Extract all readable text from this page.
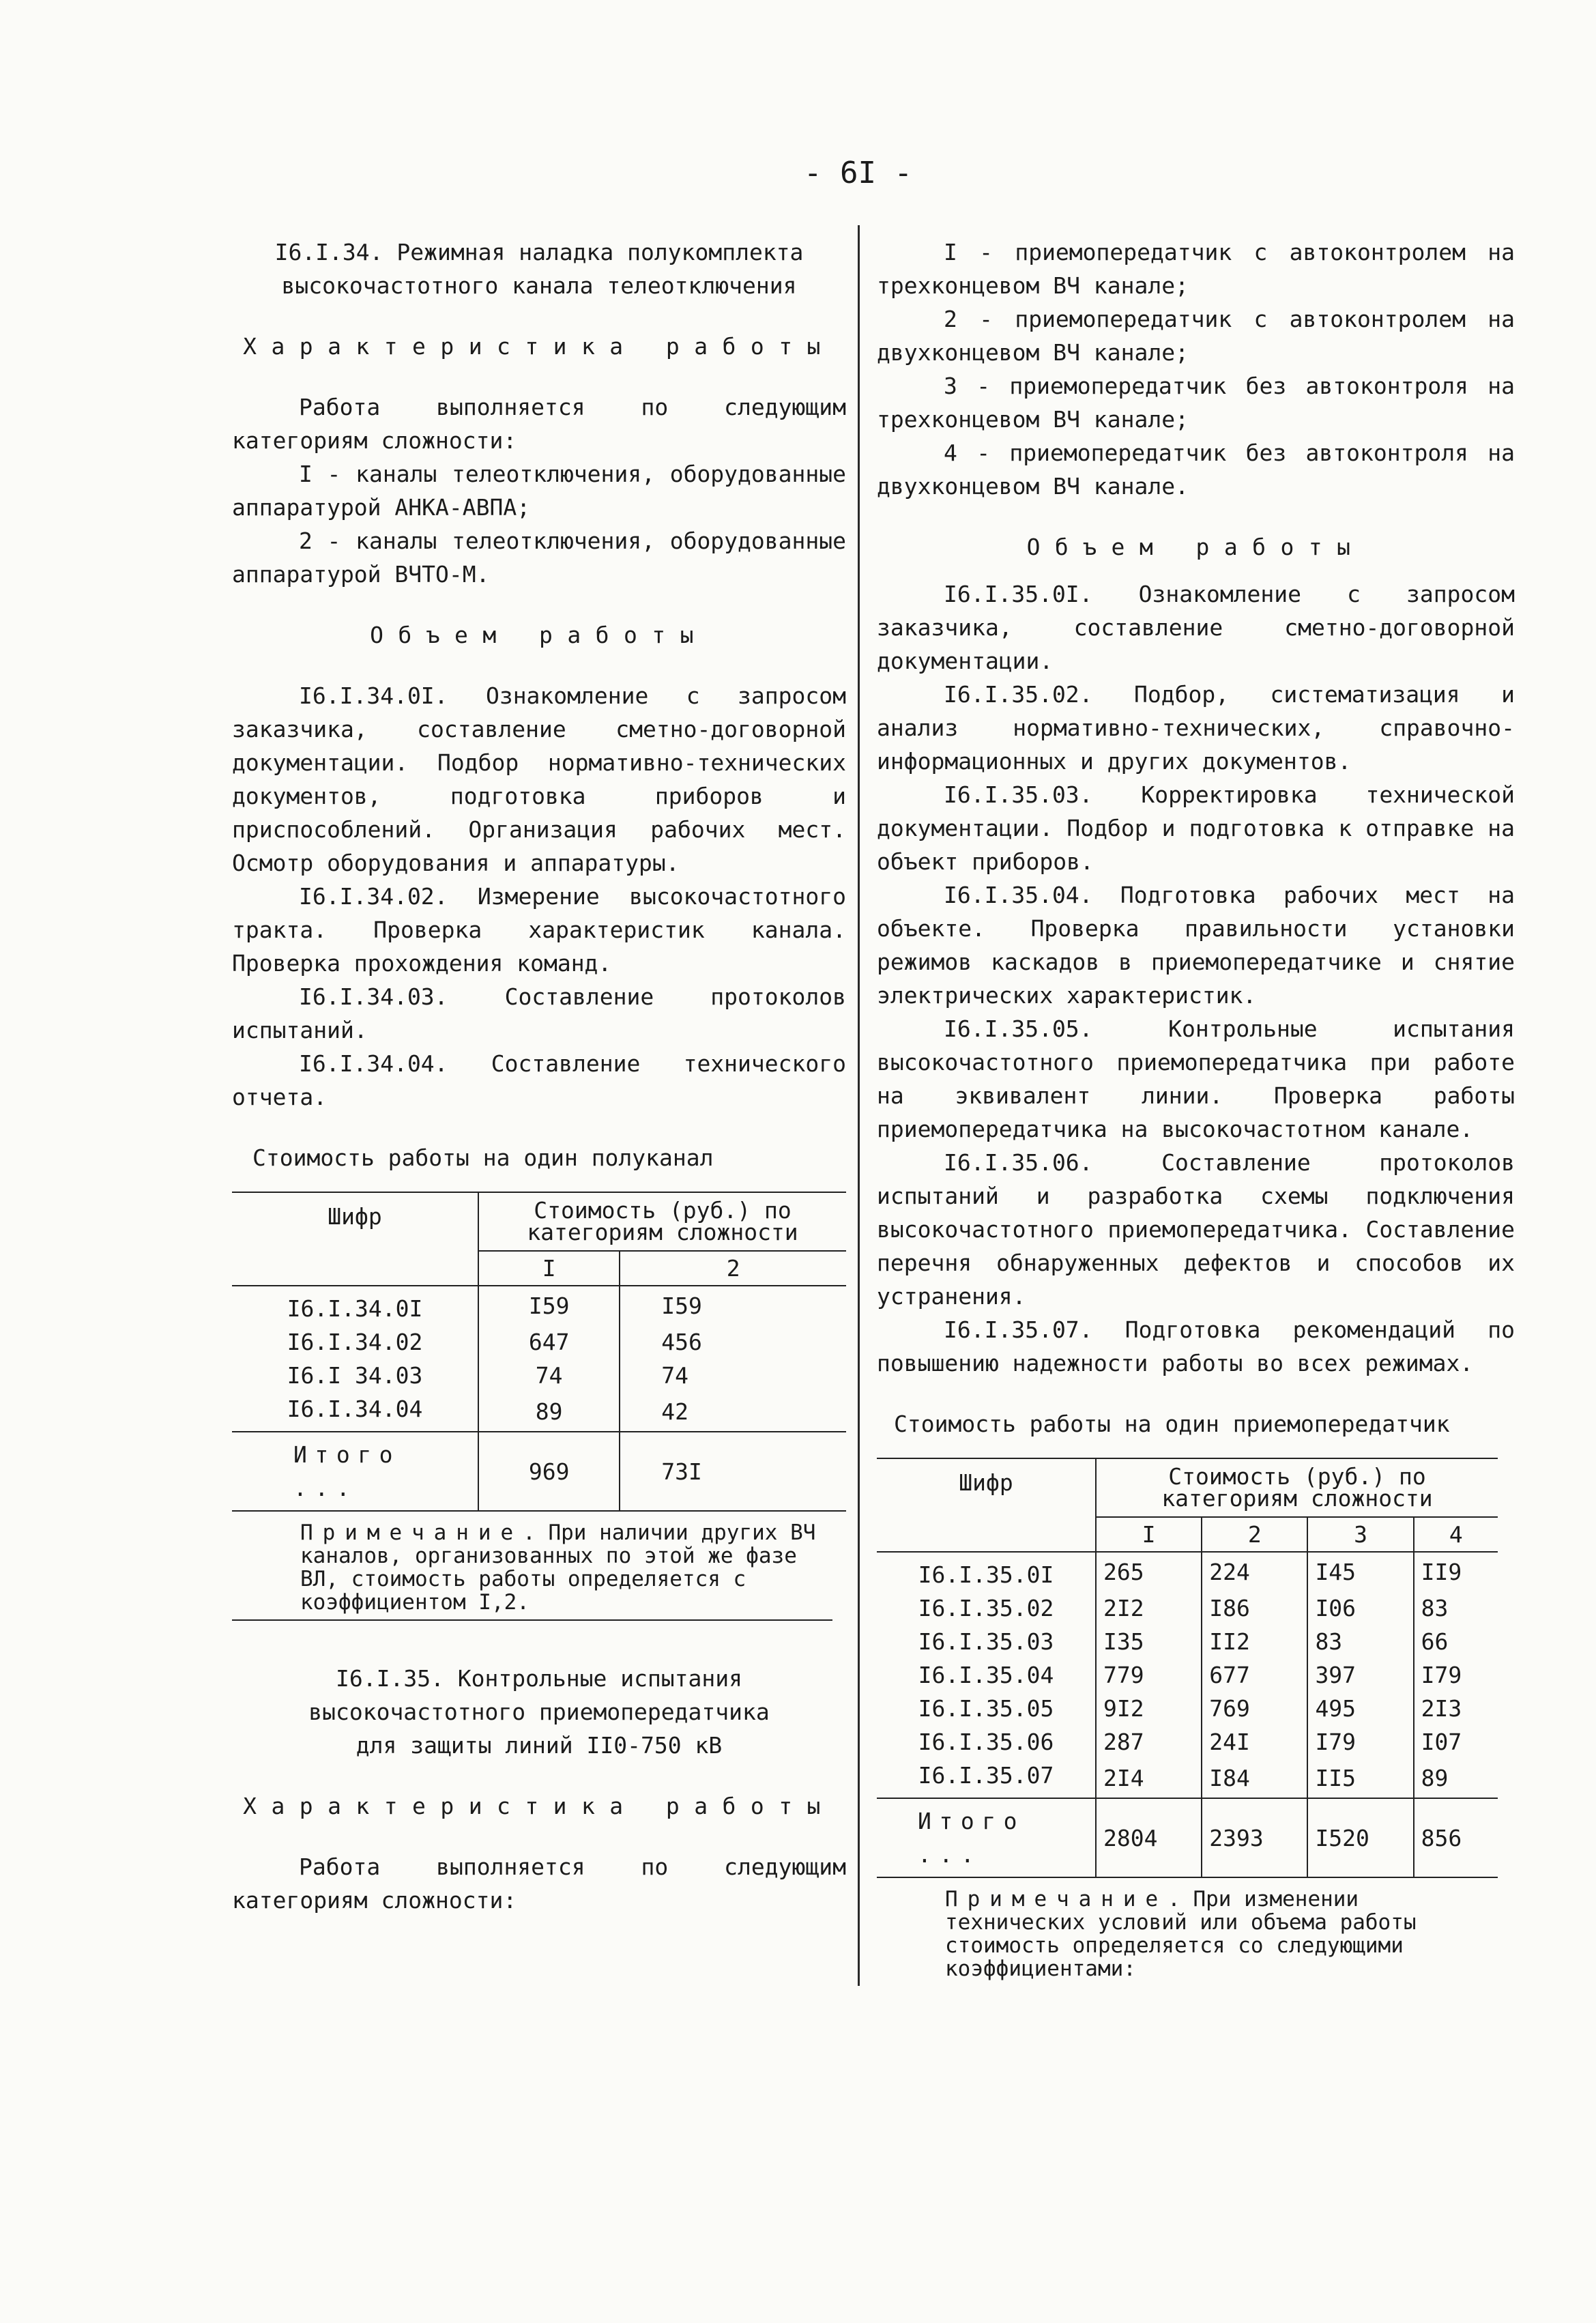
- 6I -
I6.I.34. Режимная наладка полукомплекта
высокочастотного канала телеотключения
Характеристика работы

Работа выполняется по следующим категориям сложности:

I - каналы телеотключения, оборудованные аппаратурой АНКА-АВПА;

2 - каналы телеотключения, оборудованные аппаратурой ВЧТО-М.

Объем работы

I6.I.34.0I. Ознакомление с запросом заказчика, составление сметно-договорной документации. Подбор нормативно-технических документов, подготовка приборов и приспособлений. Организация рабочих мест. Осмотр оборудования и аппаратуры.

I6.I.34.02. Измерение высокочастотного тракта. Проверка характеристик канала. Проверка прохождения команд.

I6.I.34.03. Составление протоколов испытаний.

I6.I.34.04. Составление технического отчета.

Стоимость работы на один полуканал

Шифр	Стоимость (руб.) по категориям сложности	
	I	2
I6.I.34.0I	I59	I59
I6.I.34.02	647	456
I6.I 34.03	74	74
I6.I.34.04	89	42
Итого ...	969	73I
Примечание. При наличии других ВЧ каналов, организованных по этой же фазе ВЛ, стоимость работы определяется с коэффициентом I,2.
I6.I.35. Контрольные испытания
высокочастотного приемопередатчика
для защиты линий II0-750 кВ
Характеристика работы

Работа выполняется по следующим категориям сложности:

I - приемопередатчик с автоконтролем на трехконцевом ВЧ канале;

2 - приемопередатчик с автоконтролем на двухконцевом ВЧ канале;

3 - приемопередатчик без автоконтроля на трехконцевом ВЧ канале;

4 - приемопередатчик без автоконтроля на двухконцевом ВЧ канале.

Объем работы

I6.I.35.0I. Ознакомление с запросом заказчика, составление сметно-договорной документации.

I6.I.35.02. Подбор, систематизация и анализ нормативно-технических, справочно-информационных и других документов.

I6.I.35.03. Корректировка технической документации. Подбор и подготовка к отправке на объект приборов.

I6.I.35.04. Подготовка рабочих мест на объекте. Проверка правильности установки режимов каскадов в приемопередатчике и снятие электрических характеристик.

I6.I.35.05. Контрольные испытания высокочастотного приемопередатчика при работе на эквивалент линии. Проверка работы приемопередатчика на высокочастотном канале.

I6.I.35.06. Составление протоколов испытаний и разработка схемы подключения высокочастотного приемопередатчика. Составление перечня обнаруженных дефектов и способов их устранения.

I6.I.35.07. Подготовка рекомендаций по повышению надежности работы во всех режимах.

Стоимость работы на один приемопередатчик

Шифр	Стоимость (руб.) по категориям сложности			
	I	2	3	4
I6.I.35.0I	265	224	I45	II9
I6.I.35.02	2I2	I86	I06	83
I6.I.35.03	I35	II2	83	66
I6.I.35.04	779	677	397	I79
I6.I.35.05	9I2	769	495	2I3
I6.I.35.06	287	24I	I79	I07
I6.I.35.07	2I4	I84	II5	89
Итого ...	2804	2393	I520	856
Примечание. При изменении технических условий или объема работы стоимость определяется со следующими коэффициентами:
